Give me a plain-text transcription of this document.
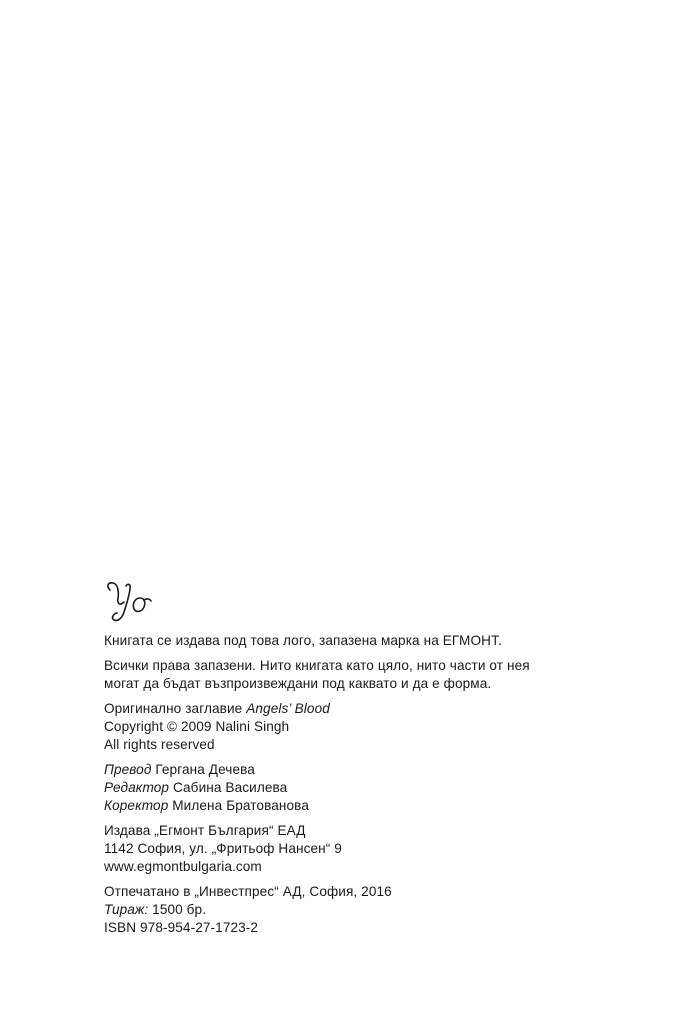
Книгата се издава под това лого, запазена марка на ЕГМОНТ.

Всички права запазени. Нито книгата като цяло, нито части от нея

могат да бъдат възпроизвеждани под каквато и да е форма.

Оригинално заглавие Angels’ Blood

Copyright © 2009 Nalini Singh

All rights reserved

Превод Гергана Дечева

Редактор Сабина Василева

Коректор Милена Братованова

Издава „Егмонт България“ ЕАД

1142 София, ул. „Фритьоф Нансен“ 9

www.egmontbulgaria.com

Отпечатано в „Инвестпрес“ АД, София, 2016

Тираж: 1500 бр.

ISBN 978-954-27-1723-2
